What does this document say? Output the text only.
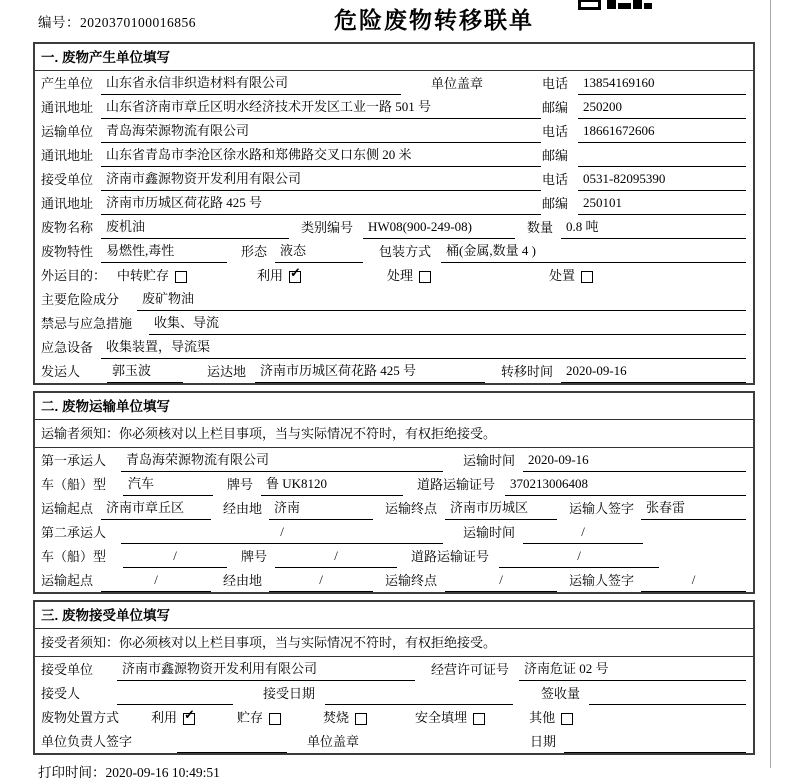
编号：2020370100016856	危险废物转移联单
一. 废物产生单位填写
产生单位 山东省永信非织造材料有限公司	单位盖章	电话	13854169160
通讯地址 山东省济南市章丘区明水经济技术开发区工业一路 501 号	邮编	250200
运输单位 青岛海荣源物流有限公司	电话	18661672606
通讯地址 山东省青岛市李沧区徐水路和郑佛路交叉口东侧 20 米	邮编
接受单位 济南市鑫源物资开发利用有限公司	电话	0531-82095390
通讯地址 济南市历城区荷花路 425 号	邮编	250101
废物名称 废机油	类别编号	HW08(900-249-08)	数量 0.8 吨
废物特性 易燃性,毒性	形态 液态	包装方式	桶(金属,数量 4 )
外运目的： 中转贮存	利用 ✓	处理	处置
主要危险成分	废矿物油
禁忌与应急措施	收集、导流
应急设备 收集装置，导流渠
发运人	郭玉波	运达地	济南市历城区荷花路 425 号	转移时间 2020-09-16
二. 废物运输单位填写
运输者须知：你必须核对以上栏目事项，当与实际情况不符时，有权拒绝接受。
第一承运人	青岛海荣源物流有限公司	运输时间 2020-09-16
车（船）型	汽车	牌号 鲁 UK8120	道路运输证号	370213006408
运输起点 济南市章丘区	经由地 济南	运输终点 济南市历城区	运输人签字 张春雷
第二承运人	/	运输时间	/
车（船）型	/	牌号	/	道路运输证号	/
运输起点	/	经由地	/	运输终点	/	运输人签字	/
三. 废物接受单位填写
接受者须知：你必须核对以上栏目事项，当与实际情况不符时，有权拒绝接受。
接受单位	济南市鑫源物资开发利用有限公司	经营许可证号	济南危证 02 号
接受人	接受日期	签收量
废物处置方式	利用 ✓	贮存	焚烧	安全填埋	其他
单位负责人签字	单位盖章	日期
打印时间：2020-09-16 10:49:51
